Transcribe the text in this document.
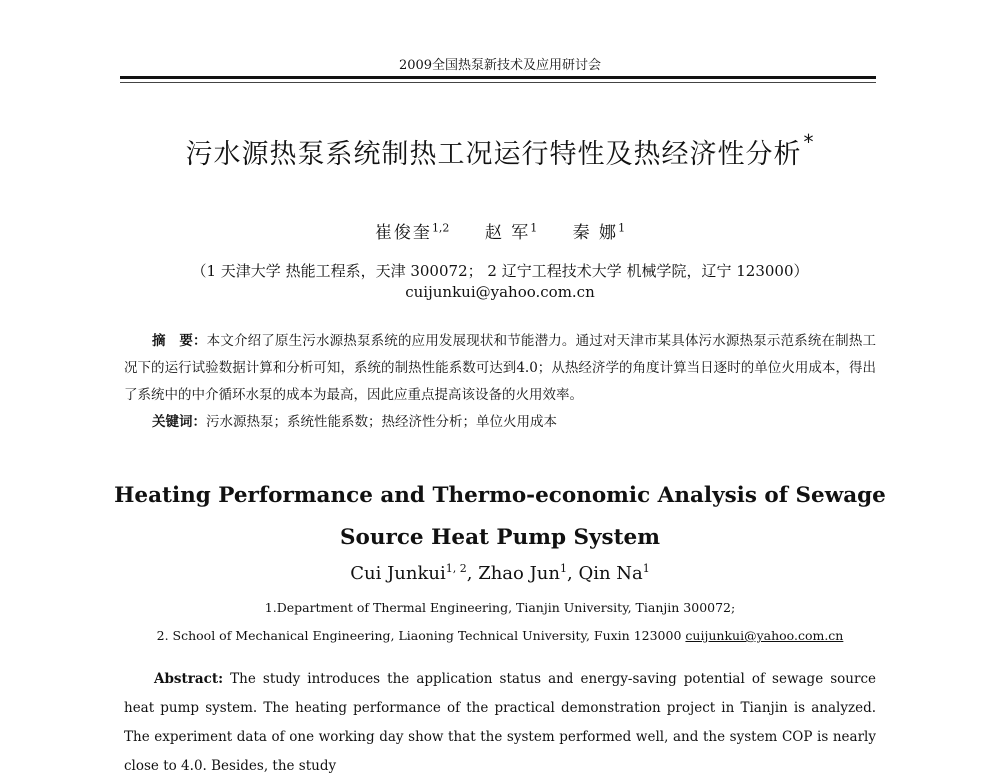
2009全国热泵新技术及应用研讨会
污水源热泵系统制热工况运行特性及热经济性分析 *
崔俊奎$^{1,2}$ 赵 军$^1$ 秦 娜$^1$
（1 天津大学 热能工程系，天津 300072； 2 辽宁工程技术大学 机械学院，辽宁 123000）
cuijunkui@yahoo.com.cn

摘　要：本文介绍了原生污水源热泵系统的应用发展现状和节能潜力。通过对天津市某具体污水源热泵示范系统在制热工况下的运行试验数据计算和分析可知，系统的制热性能系数可达到4.0；从热经济学的角度计算当日逐时的单位火用成本，得出了系统中的中介循环水泵的成本为最高，因此应重点提高该设备的火用效率。

关键词：污水源热泵；系统性能系数；热经济性分析；单位火用成本

Heating Performance and Thermo-economic Analysis of Sewage
Source Heat Pump System
Cui Junkui$^{1, 2}$, Zhao Jun$^1$, Qin Na$^1$
1.Department of Thermal Engineering, Tianjin University, Tianjin 300072;
2. School of Mechanical Engineering, Liaoning Technical University, Fuxin 123000 cuijunkui@yahoo.com.cn

Abstract: The study introduces the application status and energy-saving potential of sewage source heat pump system. The heating performance of the practical demonstration project in Tianjin is analyzed. The experiment data of one working day show that the system performed well, and the system COP is nearly close to 4.0. Besides, the study
